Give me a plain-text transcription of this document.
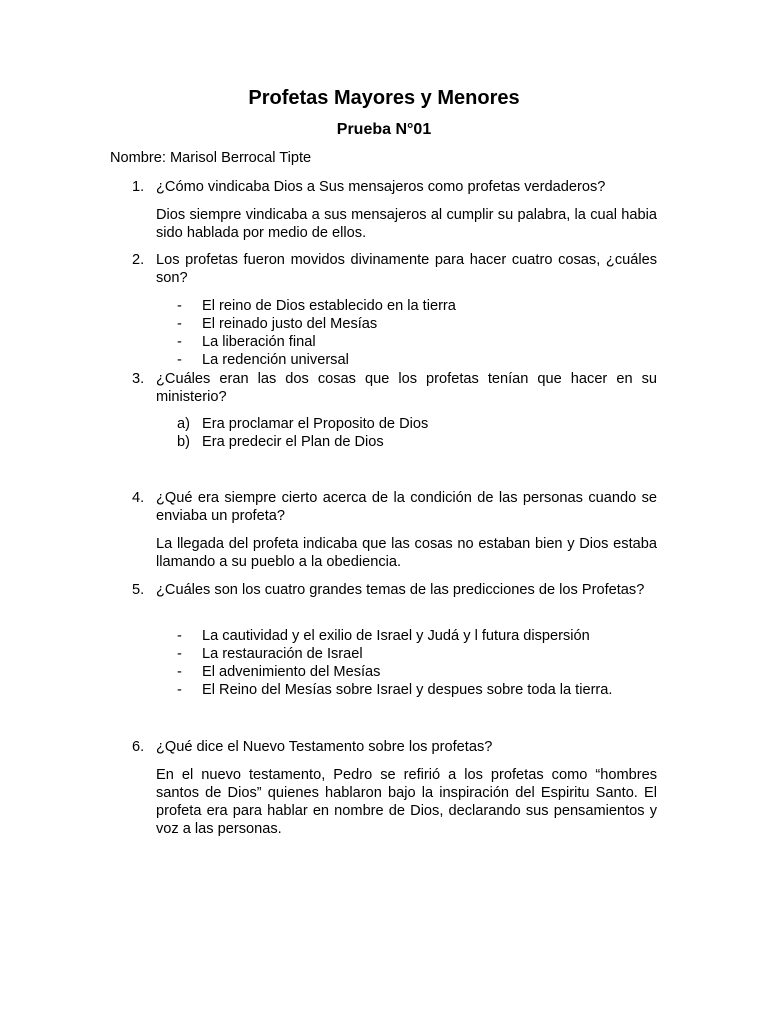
Profetas Mayores y Menores
Prueba N°01
Nombre: Marisol Berrocal Tipte
1. ¿Cómo vindicaba Dios a Sus mensajeros como profetas verdaderos?
Dios siempre vindicaba a sus mensajeros al cumplir su palabra, la cual habia sido hablada por medio de ellos.
2. Los profetas fueron movidos divinamente para hacer cuatro cosas, ¿cuáles son?
- El reino de Dios establecido en la tierra
- El reinado justo del Mesías
- La liberación final
- La redención universal
3. ¿Cuáles eran las dos cosas que los profetas tenían que hacer en su ministerio?
a) Era proclamar el Proposito de Dios
b) Era predecir el Plan de Dios
4. ¿Qué era siempre cierto acerca de la condición de las personas cuando se enviaba un profeta?
La llegada del profeta indicaba que las cosas no estaban bien y Dios estaba llamando a su pueblo a la obediencia.
5. ¿Cuáles son los cuatro grandes temas de las predicciones de los Profetas?
- La cautividad y el exilio de Israel y Judá y l futura dispersión
- La restauración de Israel
- El advenimiento del Mesías
- El Reino del Mesías sobre Israel y despues sobre toda la tierra.
6. ¿Qué dice el Nuevo Testamento sobre los profetas?
En el nuevo testamento, Pedro se refirió a los profetas como “hombres santos de Dios” quienes hablaron bajo la inspiración del Espiritu Santo. El profeta era para hablar en nombre de Dios, declarando sus pensamientos y voz a las personas.
